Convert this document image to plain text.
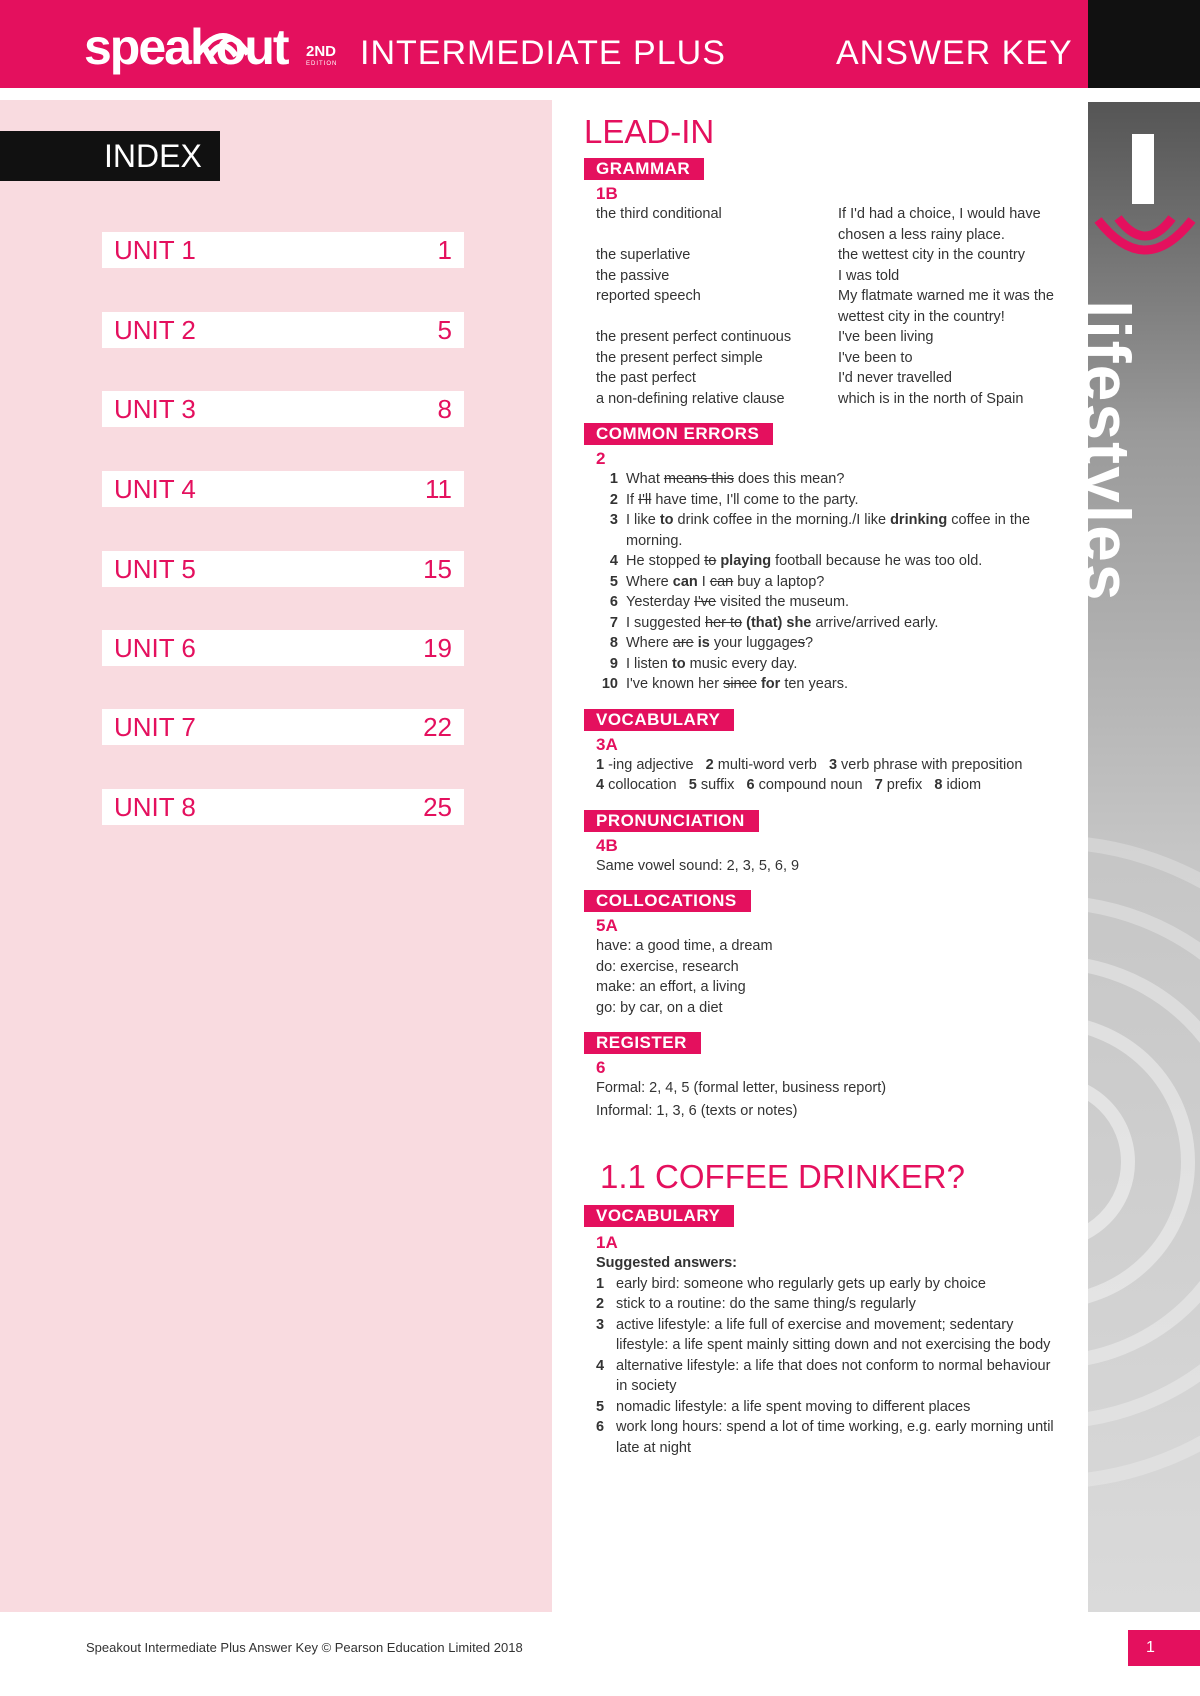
speakout 2ND
EDITION INTERMEDIATE PLUS	ANSWER KEY
INDEX
UNIT 1	1
UNIT 2	5
UNIT 3	8
UNIT 4	11
UNIT 5	15
UNIT 6	19
UNIT 7	22
UNIT 8	25
lifestyles
LEAD-IN
GRAMMAR
1B
the third conditional	If I'd had a choice, I would have chosen a less rainy place.
the superlative	the wettest city in the country
the passive	I was told
reported speech	My flatmate warned me it was the wettest city in the country!
the present perfect continuous	I've been living
the present perfect simple	I've been to
the past perfect	I'd never travelled
a non-defining relative clause	which is in the north of Spain
COMMON ERRORS
2
1 What means this does this mean?
2 If I'll have time, I'll come to the party.
3 I like to drink coffee in the morning./I like drinking coffee in the morning.
4 He stopped to playing football because he was too old.
5 Where can I can buy a laptop?
6 Yesterday I've visited the museum.
7 I suggested her to (that) she arrive/arrived early.
8 Where are is your luggages?
9 I listen to music every day.
10 I've known her since for ten years.
VOCABULARY
3A
1 -ing adjective 2 multi-word verb 3 verb phrase with preposition
4 collocation 5 suffix 6 compound noun 7 prefix 8 idiom
PRONUNCIATION
4B
Same vowel sound: 2, 3, 5, 6, 9
COLLOCATIONS
5A
have: a good time, a dream
do: exercise, research
make: an effort, a living
go: by car, on a diet
REGISTER
6
Formal: 2, 4, 5 (formal letter, business report)
Informal: 1, 3, 6 (texts or notes)
1.1 COFFEE DRINKER?
VOCABULARY
1A
Suggested answers:
1 early bird: someone who regularly gets up early by choice
2 stick to a routine: do the same thing/s regularly
3 active lifestyle: a life full of exercise and movement; sedentary lifestyle: a life spent mainly sitting down and not exercising the body
4 alternative lifestyle: a life that does not conform to normal behaviour in society
5 nomadic lifestyle: a life spent moving to different places
6 work long hours: spend a lot of time working, e.g. early morning until late at night
Speakout Intermediate Plus Answer Key © Pearson Education Limited 2018	1
